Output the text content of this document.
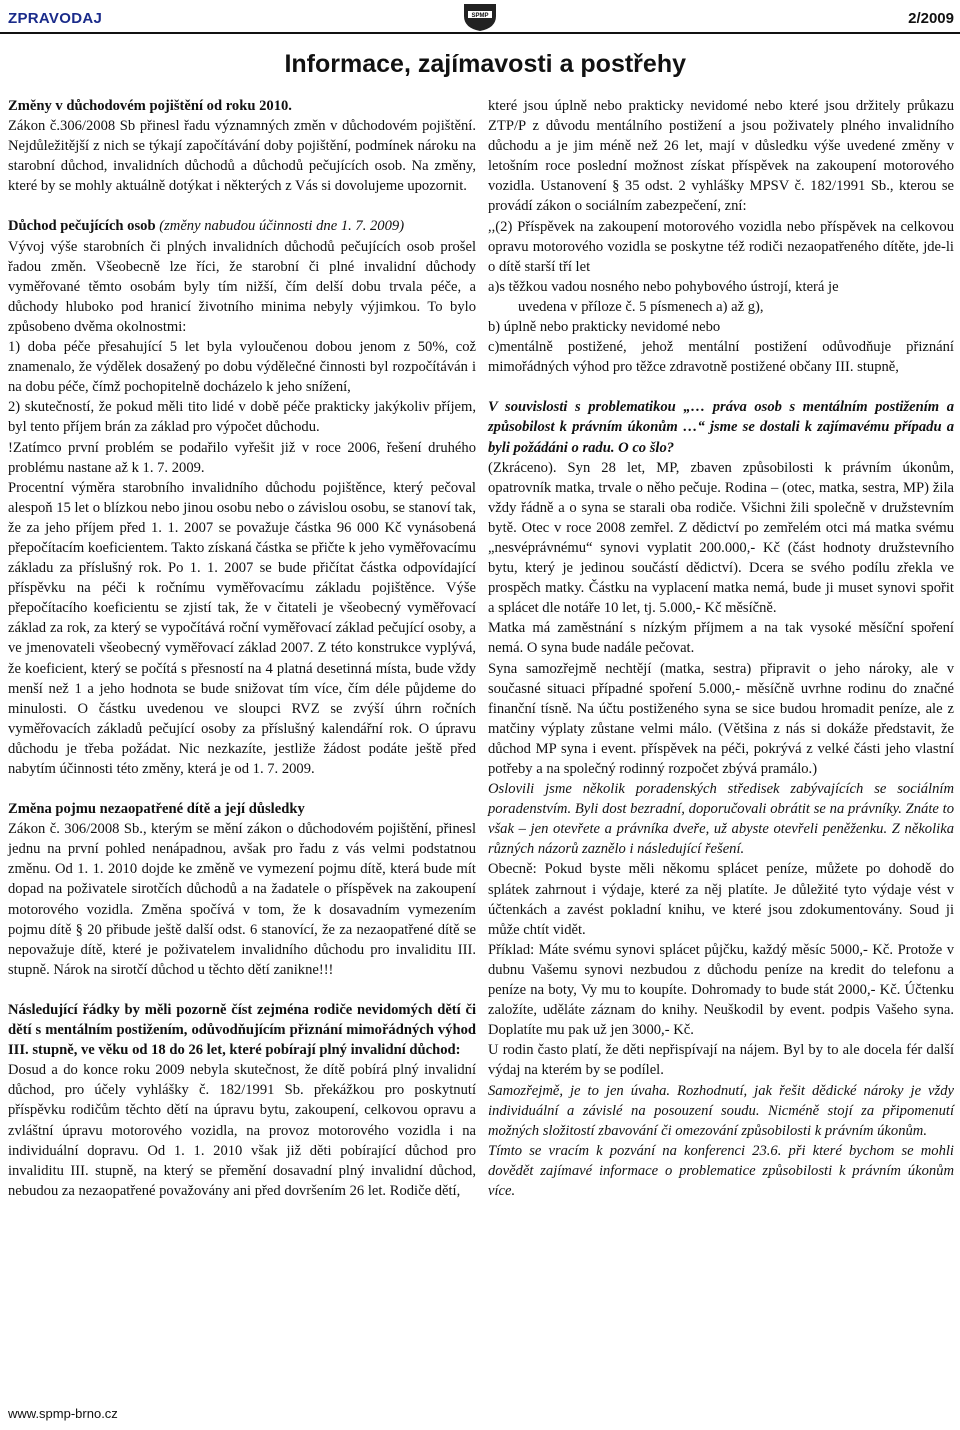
ZPRAVODAJ	SPMP	2/2009
Informace, zajímavosti a postřehy
Změny v důchodovém pojištění od roku 2010.

Zákon č.306/2008 Sb přinesl řadu významných změn v důchodovém pojištění. Nejdůležitější z nich se týkají započítávání doby pojištění, podmínek nároku na starobní důchod, invalidních důchodů a důchodů pečujících osob. Na změny, které by se mohly aktuálně dotýkat i některých z Vás si dovolujeme upozornit.

Důchod pečujících osob (změny nabudou účinnosti dne 1. 7. 2009)

Vývoj výše starobních či plných invalidních důchodů pečujících osob prošel řadou změn. Všeobecně lze říci, že starobní či plné invalidní důchody vyměřované těmto osobám byly tím nižší, čím delší dobu trvala péče, a důchody hluboko pod hranicí životního minima nebyly výjimkou. To bylo způsobeno dvěma okolnostmi:

1) doba péče přesahující 5 let byla vyloučenou dobou jenom z 50%, což znamenalo, že výdělek dosažený po dobu výdělečné činnosti byl rozpočítáván i na dobu péče, čímž pochopitelně docházelo k jeho snížení,

2) skutečností, že pokud měli tito lidé v době péče prakticky jakýkoliv příjem, byl tento příjem brán za základ pro výpočet důchodu.

!Zatímco první problém se podařilo vyřešit již v roce 2006, řešení druhého problému nastane až k 1. 7. 2009.

Procentní výměra starobního invalidního důchodu pojištěnce, který pečoval alespoň 15 let o blízkou nebo jinou osobu nebo o závislou osobu, se stanoví tak, že za jeho příjem před 1. 1. 2007 se považuje částka 96 000 Kč vynásobená přepočítacím koeficientem. Takto získaná částka se přičte k jeho vyměřovacímu základu za příslušný rok. Po 1. 1. 2007 se bude přičítat částka odpovídající příspěvku na péči k ročnímu vyměřovacímu základu pojištěnce. Výše přepočítacího koeficientu se zjistí tak, že v čitateli je všeobecný vyměřovací základ za rok, za který se vypočítává roční vyměřovací základ pečující osoby, a ve jmenovateli všeobecný vyměřovací základ 2007. Z této konstrukce vyplývá, že koeficient, který se počítá s přesností na 4 platná desetinná místa, bude vždy menší než 1 a jeho hodnota se bude snižovat tím více, čím déle půjdeme do minulosti. O částku uvedenou ve sloupci RVZ se zvýší úhrn ročních vyměřovacích základů pečující osoby za příslušný kalendářní rok. O úpravu důchodu je třeba požádat. Nic nezkazíte, jestliže žádost podáte ještě před nabytím účinnosti této změny, která je od 1. 7. 2009.

Změna pojmu nezaopatřené dítě a její důsledky

Zákon č. 306/2008 Sb., kterým se mění zákon o důchodovém pojištění, přinesl jednu na první pohled nenápadnou, avšak pro řadu z vás velmi podstatnou změnu. Od 1. 1. 2010 dojde ke změně ve vymezení pojmu dítě, která bude mít dopad na poživatele sirotčích důchodů a na žadatele o příspěvek na zakoupení motorového vozidla. Změna spočívá v tom, že k dosavadním vymezením pojmu dítě § 20 přibude ještě další odst. 6 stanovící, že za nezaopatřené dítě se nepovažuje dítě, které je poživatelem invalidního důchodu pro invaliditu III. stupně. Nárok na sirotčí důchod u těchto dětí zanikne!!!

Následující řádky by měli pozorně číst zejména rodiče nevidomých dětí či dětí s mentálním postižením, odůvodňujícím přiznání mimořádných výhod III. stupně, ve věku od 18 do 26 let, které pobírají plný invalidní důchod:

Dosud a do konce roku 2009 nebyla skutečnost, že dítě pobírá plný invalidní důchod, pro účely vyhlášky č. 182/1991 Sb. překážkou pro poskytnutí příspěvku rodičům těchto dětí na úpravu bytu, zakoupení, celkovou opravu a zvláštní úpravu motorového vozidla, na provoz motorového vozidla i na individuální dopravu. Od 1. 1. 2010 však již děti pobírající důchod pro invaliditu III. stupně, na který se přemění dosavadní plný invalidní důchod, nebudou za nezaopatřené považovány ani před dovršením 26 let. Rodiče dětí,

které jsou úplně nebo prakticky nevidomé nebo které jsou držitely průkazu ZTP/P z důvodu mentálního postižení a jsou poživately plného invalidního důchodu a je jim méně než 26 let, mají v důsledku výše uvedené změny v letošním roce poslední možnost získat příspěvek na zakoupení motorového vozidla. Ustanovení § 35 odst. 2 vyhlášky MPSV č. 182/1991 Sb., kterou se provádí zákon o sociálním zabezpečení, zní:

,,(2) Příspěvek na zakoupení motorového vozidla nebo příspěvek na celkovou opravu motorového vozidla se poskytne též rodiči nezaopatřeného dítěte, jde-li o dítě starší tří let

a)s těžkou vadou nosného nebo pohybového ústrojí, která je

uvedena v příloze č. 5 písmenech a) až g),

b) úplně nebo prakticky nevidomé nebo

c)mentálně postižené, jehož mentální postižení odůvodňuje přiznání mimořádných výhod pro těžce zdravotně postižené občany III. stupně,

V souvislosti s problematikou „… práva osob s mentálním postižením a způsobilost k právním úkonům …“ jsme se dostali k zajímavému případu a byli požádáni o radu. O co šlo?

(Zkráceno). Syn 28 let, MP, zbaven způsobilosti k právním úkonům, opatrovník matka, trvale o něho pečuje. Rodina – (otec, matka, sestra, MP) žila vždy řádně a o syna se starali oba rodiče. Všichni žili společně v družstevním bytě. Otec v roce 2008 zemřel. Z dědictví po zemřelém otci má matka svému „nesvéprávnému“ synovi vyplatit 200.000,- Kč (část hodnoty družstevního bytu, který je jedinou součástí dědictví). Dcera se svého podílu zřekla ve prospěch matky. Částku na vyplacení matka nemá, bude ji muset synovi spořit a splácet dle notáře 10 let, tj. 5.000,- Kč měsíčně.

Matka má zaměstnání s nízkým příjmem a na tak vysoké měsíční spoření nemá. O syna bude nadále pečovat.

Syna samozřejmě nechtějí (matka, sestra) připravit o jeho nároky, ale v současné situaci případné spoření 5.000,- měsíčně uvrhne rodinu do značné finanční tísně. Na účtu postiženého syna se sice budou hromadit peníze, ale z matčiny výplaty zůstane velmi málo. (Většina z nás si dokáže představit, že důchod MP syna i event. příspěvek na péči, pokrývá z velké části jeho vlastní potřeby a na společný rodinný rozpočet zbývá pramálo.)

Oslovili jsme několik poradenských středisek zabývajících se sociálním poradenstvím. Byli dost bezradní, doporučovali obrátit se na právníky. Znáte to však – jen otevřete a právníka dveře, už abyste otevřeli peněženku. Z několika různých názorů zaznělo i následující řešení.

Obecně: Pokud byste měli někomu splácet peníze, můžete po dohodě do splátek zahrnout i výdaje, které za něj platíte. Je důležité tyto výdaje vést v účtenkách a zavést pokladní knihu, ve které jsou zdokumentovány. Soud ji může chtít vidět.

Příklad: Máte svému synovi splácet půjčku, každý měsíc 5000,- Kč. Protože v dubnu Vašemu synovi nezbudou z důchodu peníze na kredit do telefonu a peníze na boty, Vy mu to koupíte. Dohromady to bude stát 2000,- Kč. Účtenku založíte, uděláte záznam do knihy. Neuškodil by event. podpis Vašeho syna. Doplatíte mu pak už jen 3000,- Kč.

U rodin často platí, že děti nepřispívají na nájem. Byl by to ale docela fér další výdaj na kterém by se podílel.

Samozřejmě, je to jen úvaha. Rozhodnutí, jak řešit dědické nároky je vždy individuální a závislé na posouzení soudu. Nicméně stojí za připomenutí možných složitostí zbavování či omezování způsobilosti k právním úkonům.

Tímto se vracím k pozvání na konferenci 23.6. při které bychom se mohli dovědět zajímavé informace o problematice způsobilosti k právním úkonům více.

www.spmp-brno.cz
